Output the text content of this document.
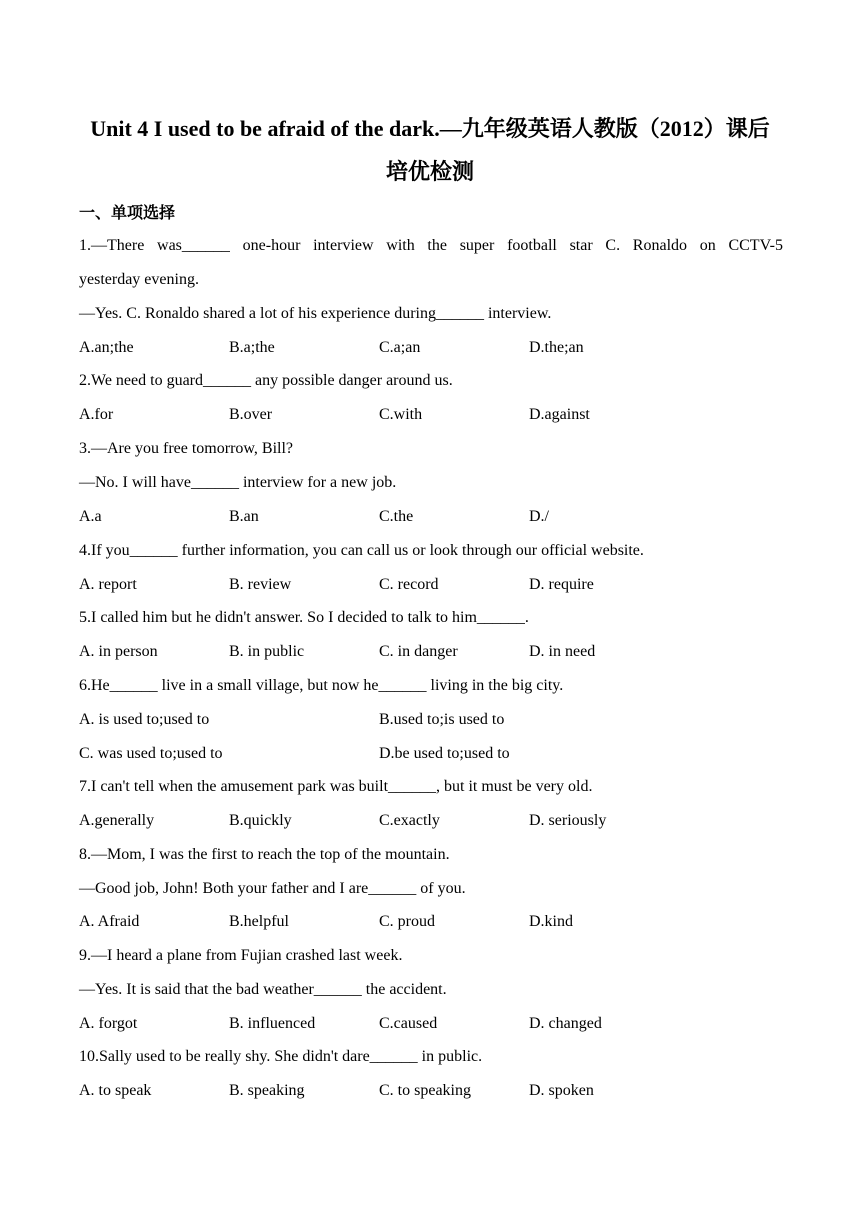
Unit 4 I used to be afraid of the dark.—九年级英语人教版（2012）课后
培优检测
一、单项选择
1.—There was______ one-hour interview with the super football star C. Ronaldo on CCTV-5
yesterday evening.
—Yes. C. Ronaldo shared a lot of his experience during______ interview.
A.an;the	B.a;the	C.a;an	D.the;an
2.We need to guard______ any possible danger around us.
A.for	B.over	C.with	D.against
3.—Are you free tomorrow, Bill?
—No. I will have______ interview for a new job.
A.a	B.an	C.the	D./
4.If you______ further information, you can call us or look through our official website.
A. report	B. review	C. record	D. require
5.I called him but he didn't answer. So I decided to talk to him______.
A. in person	B. in public	C. in danger	D. in need
6.He______ live in a small village, but now he______ living in the big city.
A. is used to;used to	B.used to;is used to
C. was used to;used to	D.be used to;used to
7.I can't tell when the amusement park was built______, but it must be very old.
A.generally	B.quickly	C.exactly	D. seriously
8.—Mom, I was the first to reach the top of the mountain.
—Good job, John! Both your father and I are______ of you.
A. Afraid	B.helpful	C. proud	D.kind
9.—I heard a plane from Fujian crashed last week.
—Yes. It is said that the bad weather______ the accident.
A. forgot	B. influenced	C.caused	D. changed
10.Sally used to be really shy. She didn't dare______ in public.
A. to speak	B. speaking	C. to speaking	D. spoken
